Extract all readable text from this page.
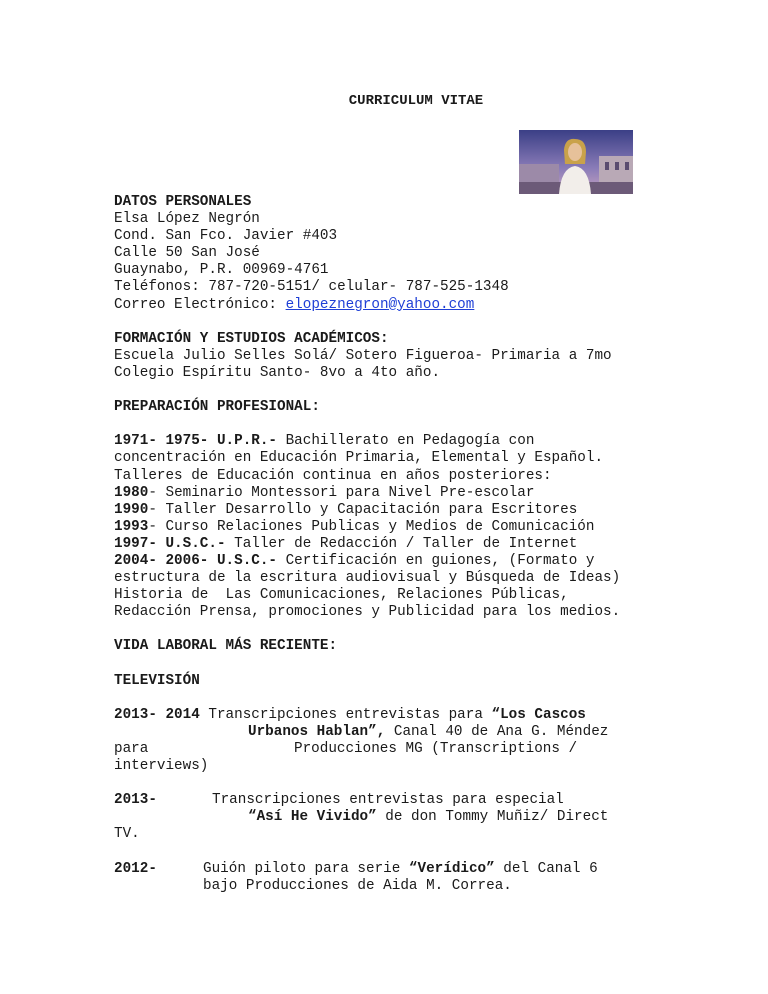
CURRICULUM VITAE
DATOS PERSONALES
Elsa López Negrón
Cond. San Fco. Javier #403
Calle 50 San José
Guaynabo, P.R. 00969-4761
Teléfonos: 787-720-5151/ celular- 787-525-1348
Correo Electrónico: elopeznegron@yahoo.com
FORMACIÓN Y ESTUDIOS ACADÉMICOS:
Escuela Julio Selles Solá/ Sotero Figueroa- Primaria a 7mo
Colegio Espíritu Santo- 8vo a 4to año.
PREPARACIÓN PROFESIONAL:
1971- 1975- U.P.R.- Bachillerato en Pedagogía con
concentración en Educación Primaria, Elemental y Español.
Talleres de Educación continua en años posteriores:
1980- Seminario Montessori para Nivel Pre-escolar
1990- Taller Desarrollo y Capacitación para Escritores
1993- Curso Relaciones Publicas y Medios de Comunicación
1997- U.S.C.- Taller de Redacción / Taller de Internet
2004- 2006- U.S.C.- Certificación en guiones, (Formato y
estructura de la escritura audiovisual y Búsqueda de Ideas)
Historia de  Las Comunicaciones, Relaciones Públicas,
Redacción Prensa, promociones y Publicidad para los medios.
VIDA LABORAL MÁS RECIENTE:
TELEVISIÓN
2013- 2014 Transcripciones entrevistas para “Los Cascos
Urbanos Hablan”, Canal 40 de Ana G. Méndez
para	Producciones MG (Transcriptions /
interviews)
2013-	Transcripciones entrevistas para especial
“Así He Vivido” de don Tommy Muñiz/ Direct
TV.
2012-	Guión piloto para serie “Verídico” del Canal 6
bajo Producciones de Aida M. Correa.
